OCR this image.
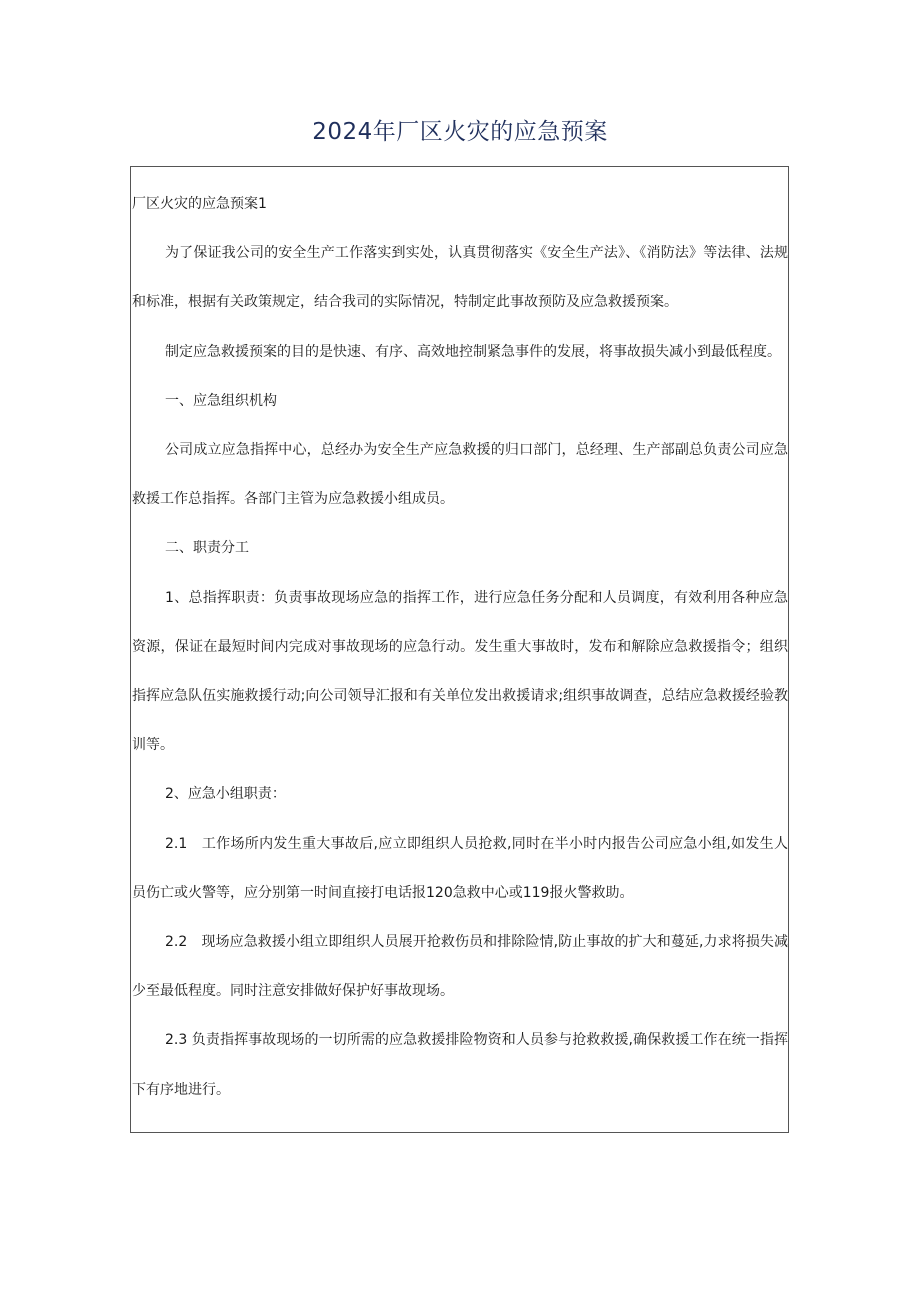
2024年厂区火灾的应急预案

厂区火灾的应急预案1

为了保证我公司的安全生产工作落实到实处，认真贯彻落实《安全生产法》、《消防法》等法律、法规和标准，根据有关政策规定，结合我司的实际情况，特制定此事故预防及应急救援预案。

制定应急救援预案的目的是快速、有序、高效地控制紧急事件的发展，将事故损失减小到最低程度。

一、应急组织机构

公司成立应急指挥中心，总经办为安全生产应急救援的归口部门，总经理、生产部副总负责公司应急救援工作总指挥。各部门主管为应急救援小组成员。

二、职责分工

1、总指挥职责：负责事故现场应急的指挥工作，进行应急任务分配和人员调度，有效利用各种应急资源，保证在最短时间内完成对事故现场的应急行动。发生重大事故时，发布和解除应急救援指令；组织指挥应急队伍实施救援行动;向公司领导汇报和有关单位发出救援请求;组织事故调查，总结应急救援经验教训等。

2、应急小组职责：

2.1　工作场所内发生重大事故后,应立即组织人员抢救,同时在半小时内报告公司应急小组,如发生人员伤亡或火警等，应分别第一时间直接打电话报120急救中心或119报火警救助。

2.2　现场应急救援小组立即组织人员展开抢救伤员和排除险情,防止事故的扩大和蔓延,力求将损失减少至最低程度。同时注意安排做好保护好事故现场。

2.3 负责指挥事故现场的一切所需的应急救援排险物资和人员参与抢救救援,确保救援工作在统一指挥下有序地进行。
